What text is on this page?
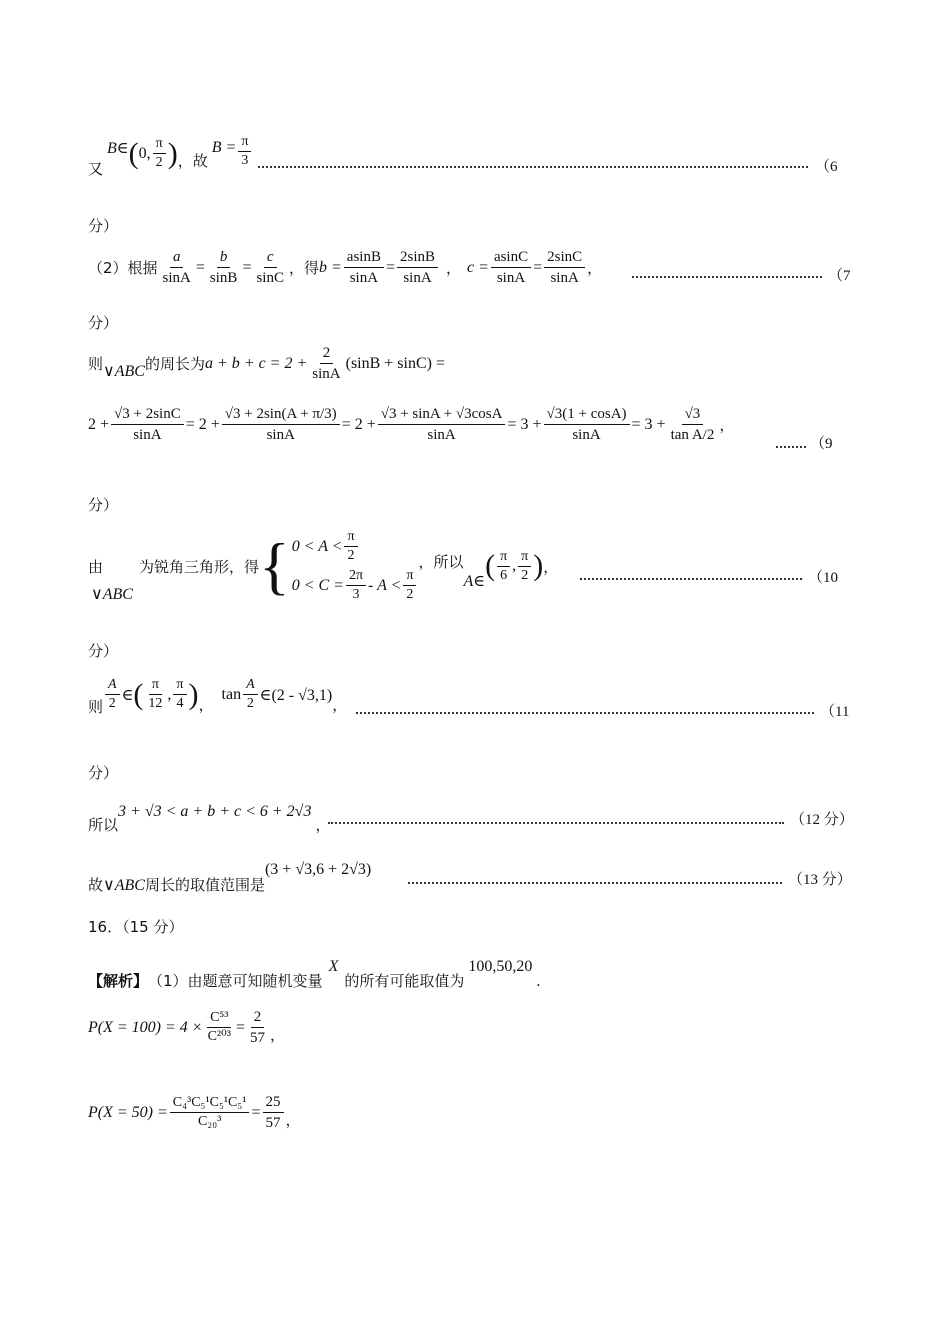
又
B∈ ( 0, $\frac{\pi}{2}$ ) ，故
$B = \frac{\pi}{3}$	（6
分）
（2）根据 $\frac{a}{\sin A} = \frac{b}{\sin B} = \frac{c}{\sin C}$ ，得 $b = \frac{asinB}{\sin A} = \frac{2\sin B}{\sin A}$ ， $c = \frac{asinC}{\sin A} = \frac{2\sin C}{\sin A}$ ，	（7
分）
则 ∨ABC 的周长为 $a + b + c = 2 + \frac{2}{\sin A} (\sin B + \sin C)$ =
$2 + \frac{√3 + 2\sin C}{\sin A} = 2 + \frac{√3 + 2\sin(A + \pi/3)}{\sin A} = 2 + \frac{√3 + \sin A + √3\cos A}{\sin A} = 3 + \frac{√3(1 + \cos A)}{\sin A} = 3 + \frac{√3}{\text{tan A/2}}$ ，
（9
分）
由
∨ABC
为锐角三角形，得 { $0 < A < \frac{\pi}{2}$
$0 < C = \frac{2\pi}{3} - A < \frac{\pi}{2}$
，所以
A∈ ( $\frac{\pi}{6}$ , $\frac{\pi}{2}$ ) ，
（10
分）
则 $\frac{A}{2}$ ∈ ( $\frac{\pi}{12}$ , $\frac{\pi}{4}$ ) ，
$\tan \frac{A}{2}$ ∈(2 - √3,1)
，	（11
分）
所以
3 + √3 < a + b + c < 6 + 2√3
，	（12 分）
故 ∨ABC 周长的取值范围是
(3 + √3,6 + 2√3)
（13 分）
16．（15 分）
【解析】 （1）由题意可知随机变量
X
的所有可能取值为
100,50,20
.
$P(X = 100) = 4 \times \frac{\text{C⁵³}}{\text{C²⁰³}} = \frac{2}{57}$ ，
$P(X = 50) = \frac{\text{C₄³C₅¹C₅¹C₅¹}}{\text{C₂₀³}} = \frac{25}{57}$ ，
